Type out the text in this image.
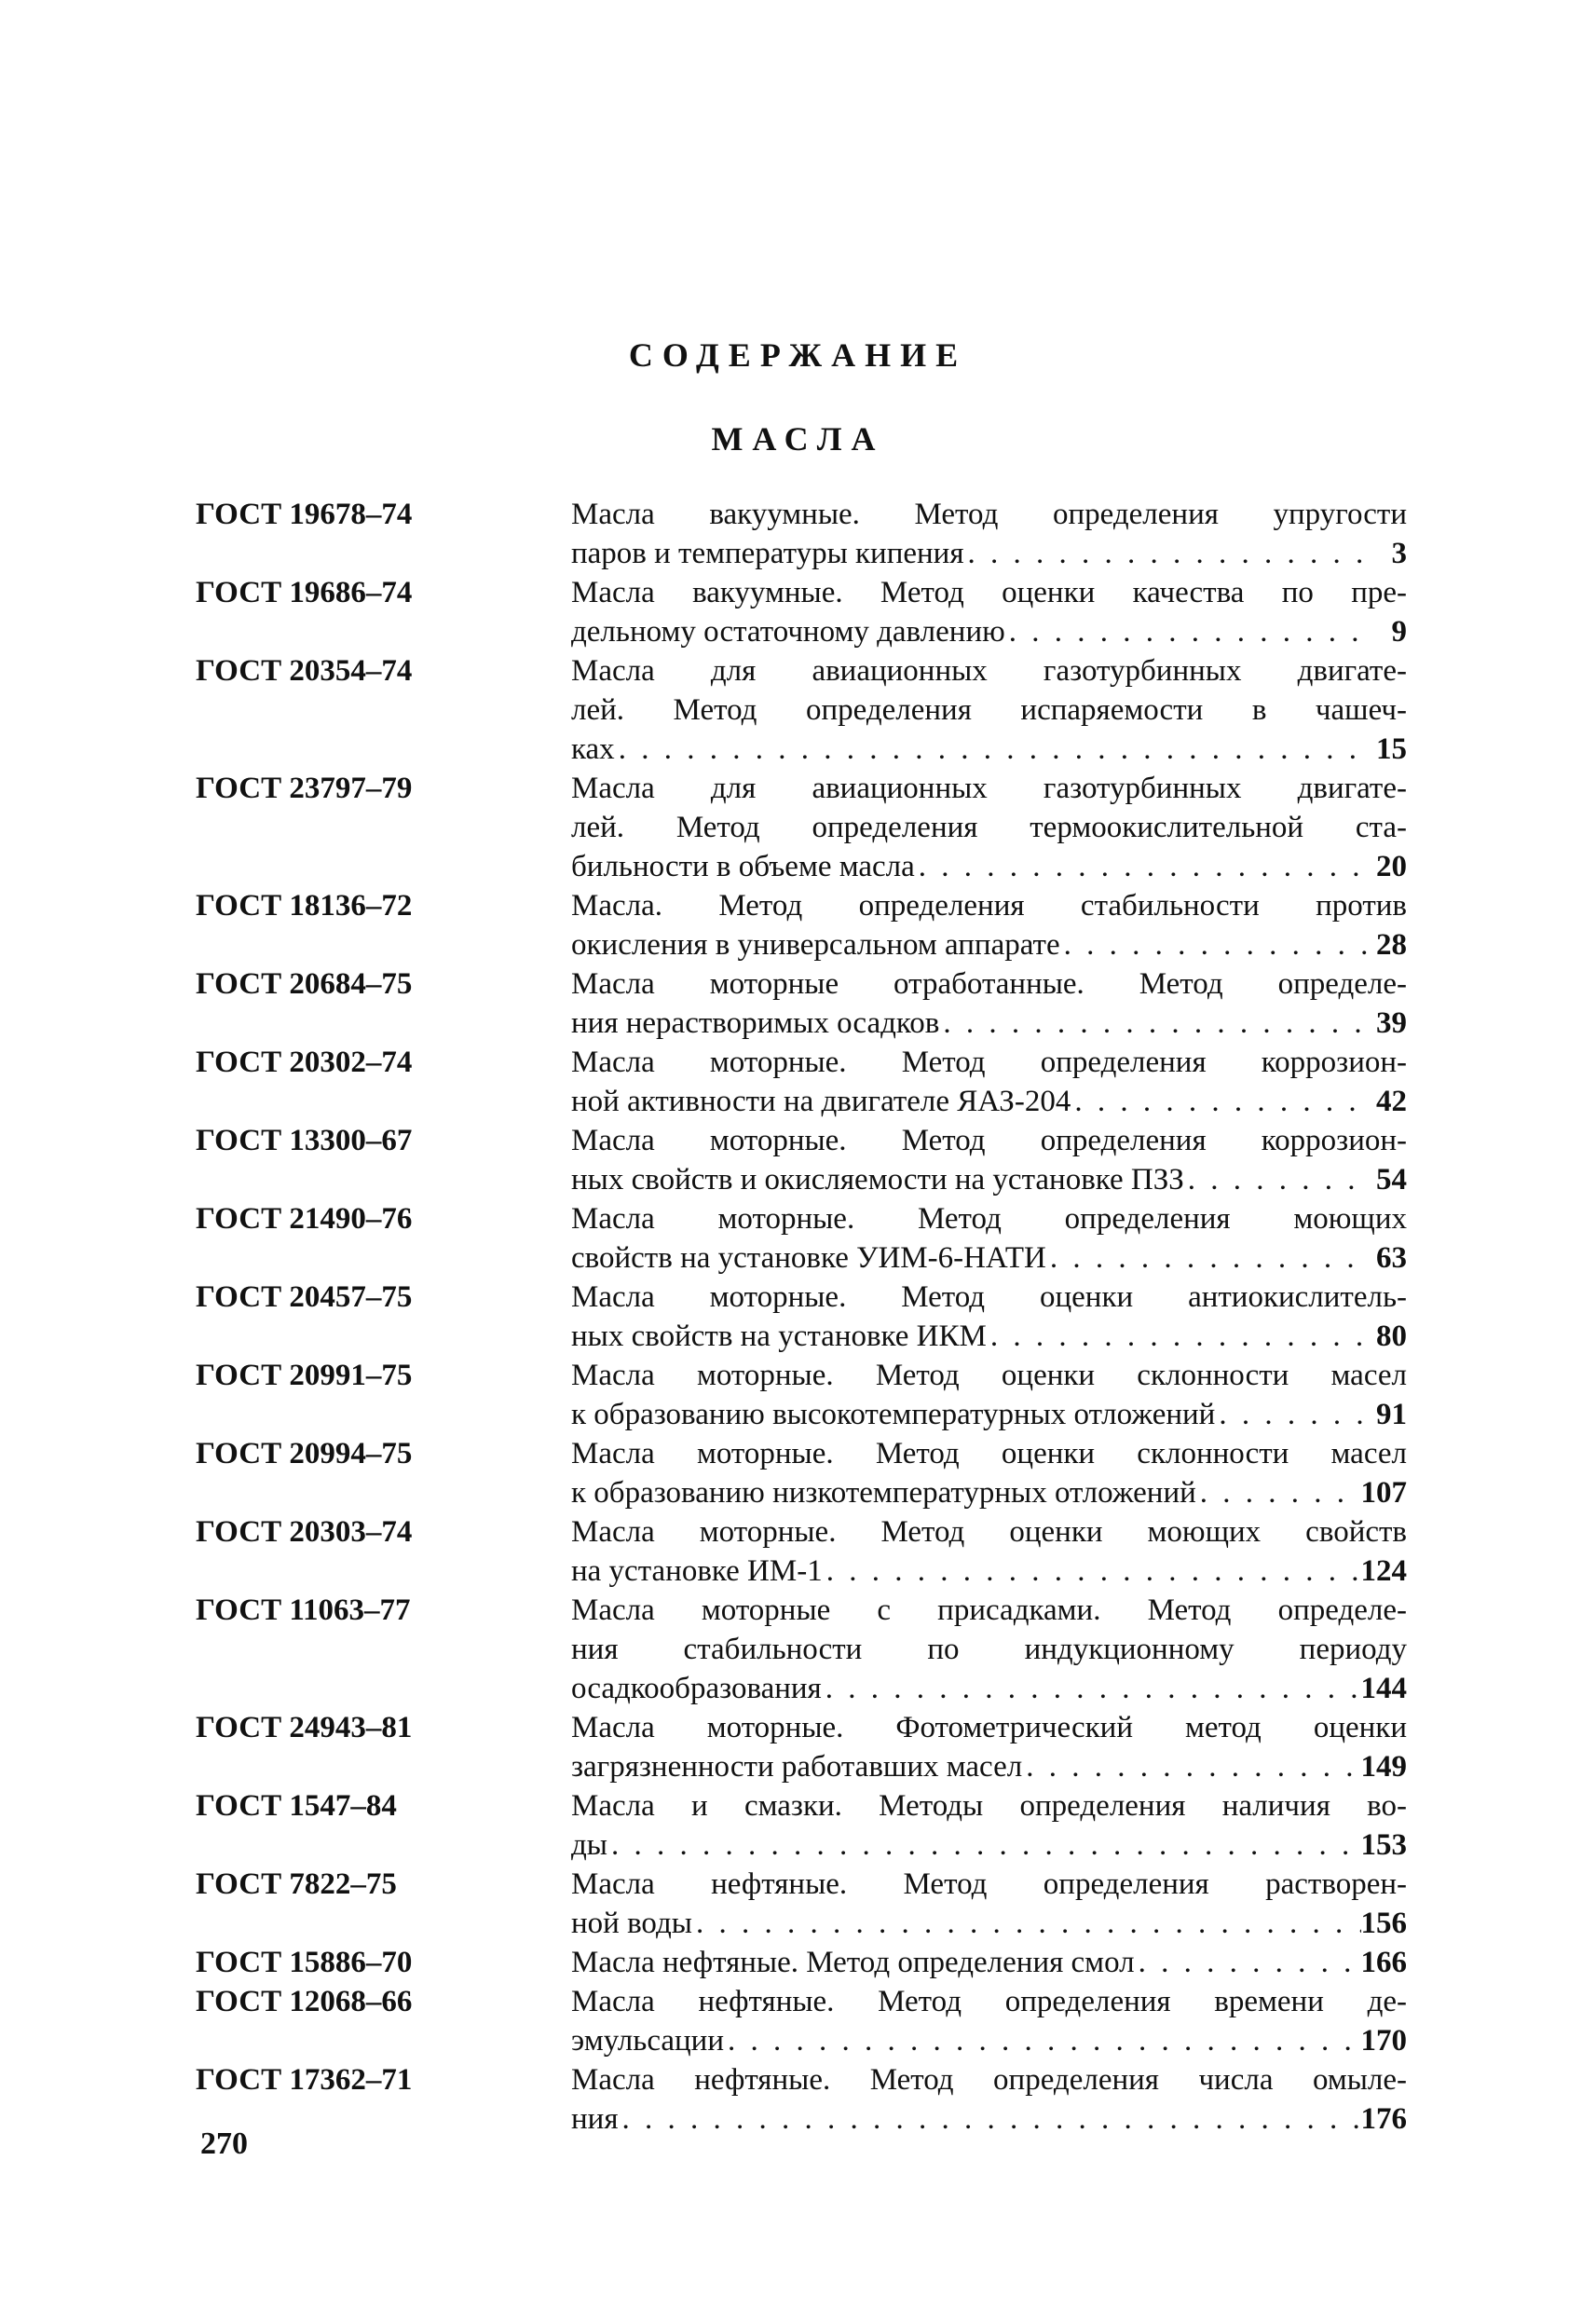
СОДЕРЖАНИЕ
МАСЛА
ГОСТ 19678–74	Масла вакуумные. Метод определения упругости
паров и температуры кипения . . .	3
ГОСТ 19686–74	Масла вакуумные. Метод оценки качества по пре-
дельному остаточному давлению . . .	9
ГОСТ 20354–74	Масла для авиационных газотурбинных двигате-
лей. Метод определения испаряемости в чашеч-
ках . . .	15
ГОСТ 23797–79	Масла для авиационных газотурбинных двигате-
лей. Метод определения термоокислительной ста-
бильности в объеме масла . . .	20
ГОСТ 18136–72	Масла. Метод определения стабильности против
окисления в универсальном аппарате . . .	28
ГОСТ 20684–75	Масла моторные отработанные. Метод определе-
ния нерастворимых осадков . . .	39
ГОСТ 20302–74	Масла моторные. Метод определения коррозион-
ной активности на двигателе ЯАЗ-204 . . .	42
ГОСТ 13300–67	Масла моторные. Метод определения коррозион-
ных свойств и окисляемости на установке ПЗЗ . . .	54
ГОСТ 21490–76	Масла моторные. Метод определения моющих
свойств на установке УИМ-6-НАТИ . . .	63
ГОСТ 20457–75	Масла моторные. Метод оценки антиокислитель-
ных свойств на установке ИКМ . . .	80
ГОСТ 20991–75	Масла моторные. Метод оценки склонности масел
к образованию высокотемпературных отложений . . .	91
ГОСТ 20994–75	Масла моторные. Метод оценки склонности масел
к образованию низкотемпературных отложений . . .	107
ГОСТ 20303–74	Масла моторные. Метод оценки моющих свойств
на установке ИМ-1 . . .	124
ГОСТ 11063–77	Масла моторные с присадками. Метод определе-
ния стабильности по индукционному периоду
осадкообразования . . .	144
ГОСТ 24943–81	Масла моторные. Фотометрический метод оценки
загрязненности работавших масел . . .	149
ГОСТ 1547–84	Масла и смазки. Методы определения наличия во-
ды . . .	153
ГОСТ 7822–75	Масла нефтяные. Метод определения растворен-
ной воды . . .	156
ГОСТ 15886–70	Масла нефтяные. Метод определения смол . . .	166
ГОСТ 12068–66	Масла нефтяные. Метод определения времени де-
эмульсации . . .	170
ГОСТ 17362–71	Масла нефтяные. Метод определения числа омыле-
ния . . .	176
270
